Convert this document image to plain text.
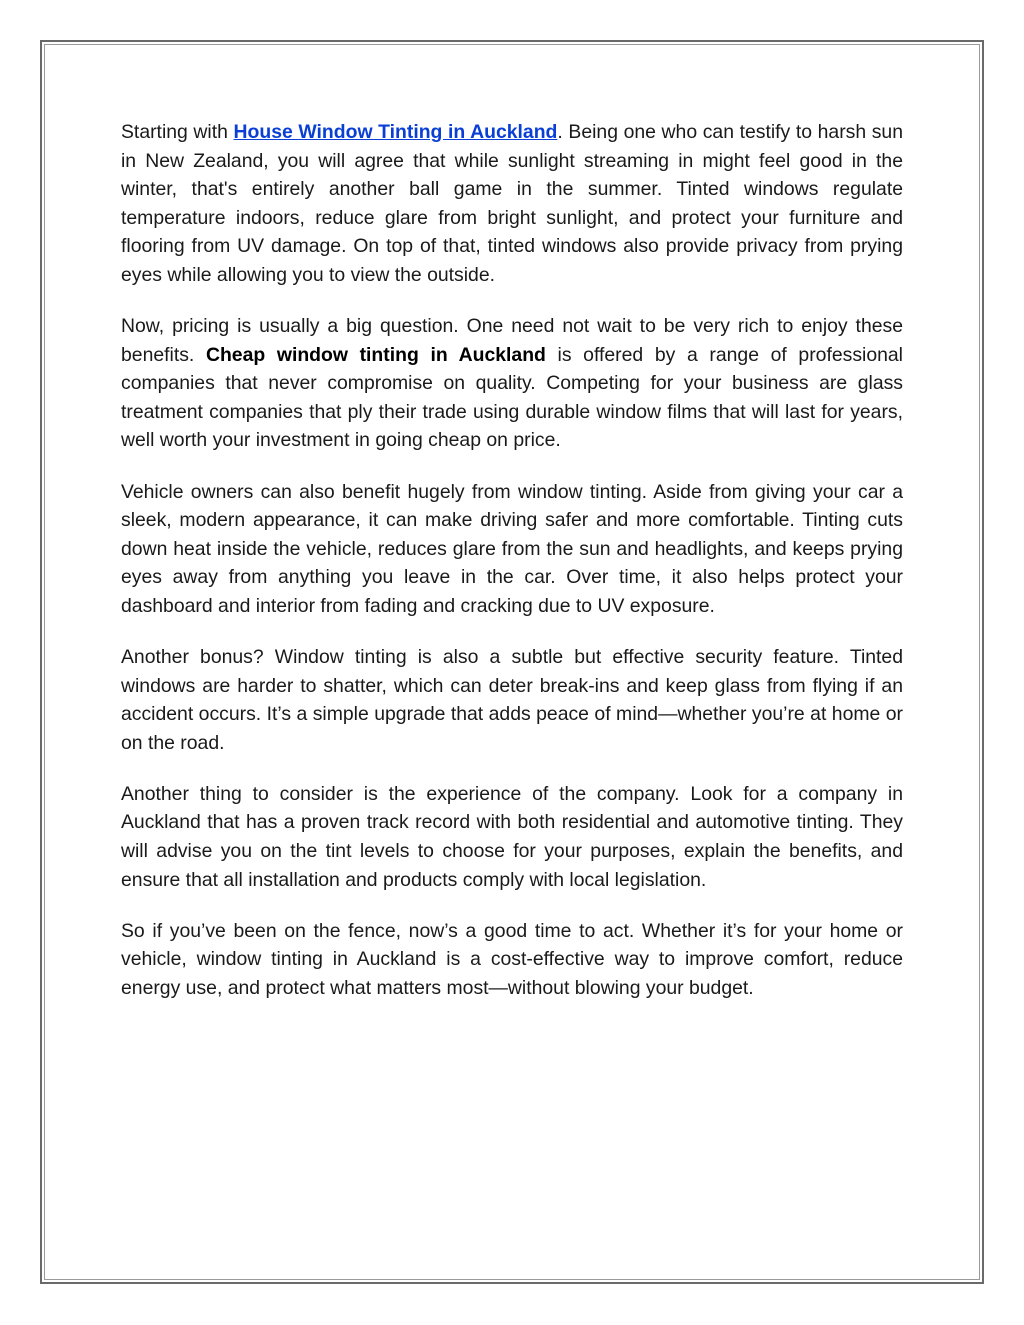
Starting with House Window Tinting in Auckland. Being one who can testify to harsh sun in New Zealand, you will agree that while sunlight streaming in might feel good in the winter, that's entirely another ball game in the summer. Tinted windows regulate temperature indoors, reduce glare from bright sunlight, and protect your furniture and flooring from UV damage. On top of that, tinted windows also provide privacy from prying eyes while allowing you to view the outside.

Now, pricing is usually a big question. One need not wait to be very rich to enjoy these benefits. Cheap window tinting in Auckland is offered by a range of professional companies that never compromise on quality. Competing for your business are glass treatment companies that ply their trade using durable window films that will last for years, well worth your investment in going cheap on price.

Vehicle owners can also benefit hugely from window tinting. Aside from giving your car a sleek, modern appearance, it can make driving safer and more comfortable. Tinting cuts down heat inside the vehicle, reduces glare from the sun and headlights, and keeps prying eyes away from anything you leave in the car. Over time, it also helps protect your dashboard and interior from fading and cracking due to UV exposure.

Another bonus? Window tinting is also a subtle but effective security feature. Tinted windows are harder to shatter, which can deter break-ins and keep glass from flying if an accident occurs. It’s a simple upgrade that adds peace of mind—whether you’re at home or on the road.

Another thing to consider is the experience of the company. Look for a company in Auckland that has a proven track record with both residential and automotive tinting. They will advise you on the tint levels to choose for your purposes, explain the benefits, and ensure that all installation and products comply with local legislation.

So if you’ve been on the fence, now’s a good time to act. Whether it’s for your home or vehicle, window tinting in Auckland is a cost-effective way to improve comfort, reduce energy use, and protect what matters most—without blowing your budget.
